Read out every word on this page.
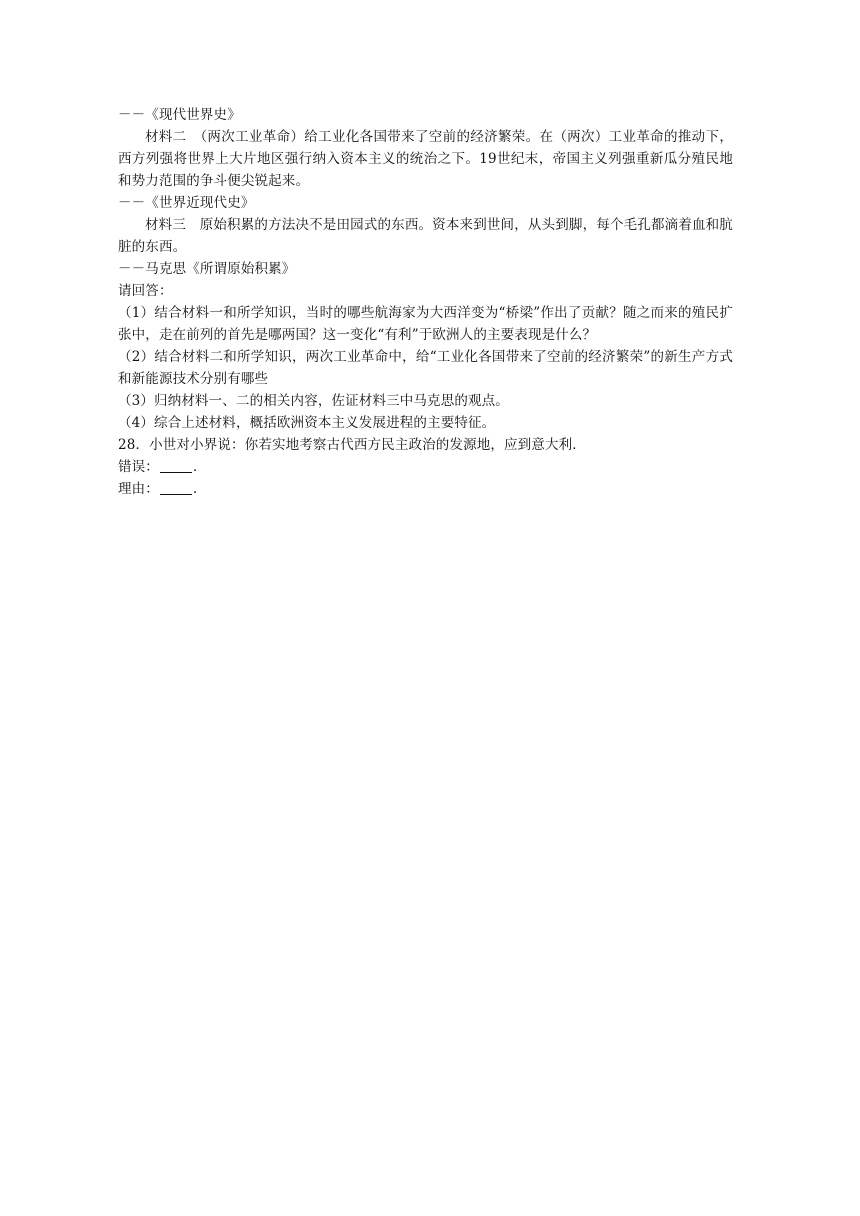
－－《现代世界史》
材料二　（两次工业革命）给工业化各国带来了空前的经济繁荣。在（两次）工业革命的推动下，西方列强将世界上大片地区强行纳入资本主义的统治之下。19世纪末，帝国主义列强重新瓜分殖民地和势力范围的争斗便尖锐起来。
－－《世界近现代史》
材料三　原始积累的方法决不是田园式的东西。资本来到世间，从头到脚，每个毛孔都滴着血和肮脏的东西。
－－马克思《所谓原始积累》
请回答：
（1）结合材料一和所学知识，当时的哪些航海家为大西洋变为“桥梁”作出了贡献？随之而来的殖民扩张中，走在前列的首先是哪两国？这一变化“有利”于欧洲人的主要表现是什么？
（2）结合材料二和所学知识，两次工业革命中，给“工业化各国带来了空前的经济繁荣”的新生产方式和新能源技术分别有哪些
（3）归纳材料一、二的相关内容，佐证材料三中马克思的观点。
（4）综合上述材料，概括欧洲资本主义发展进程的主要特征。
28．小世对小界说：你若实地考察古代西方民主政治的发源地，应到意大利．
错误：	．
理由：	．
